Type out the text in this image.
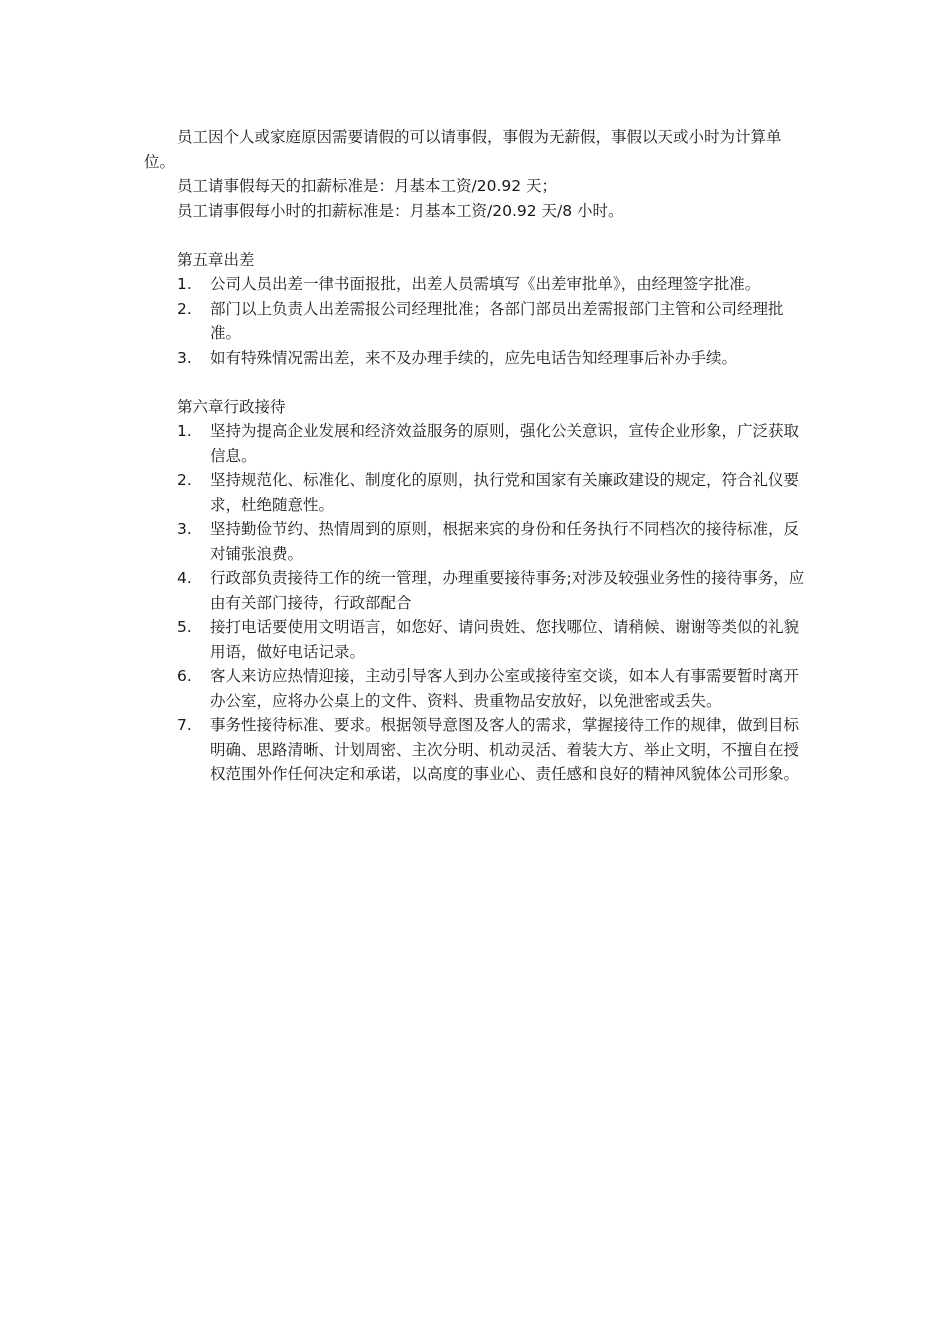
员工因个人或家庭原因需要请假的可以请事假，事假为无薪假，事假以天或小时为计算单位。

员工请事假每天的扣薪标准是：月基本工资/20.92 天；

员工请事假每小时的扣薪标准是：月基本工资/20.92 天/8 小时。

第五章出差

1. 公司人员出差一律书面报批，出差人员需填写《出差审批单》，由经理签字批准。
2. 部门以上负责人出差需报公司经理批准；各部门部员出差需报部门主管和公司经理批准。
3. 如有特殊情况需出差，来不及办理手续的，应先电话告知经理事后补办手续。

第六章行政接待

1. 坚持为提高企业发展和经济效益服务的原则，强化公关意识，宣传企业形象，广泛获取信息。
2. 坚持规范化、标准化、制度化的原则，执行党和国家有关廉政建设的规定，符合礼仪要求，杜绝随意性。
3. 坚持勤俭节约、热情周到的原则，根据来宾的身份和任务执行不同档次的接待标准，反对铺张浪费。
4. 行政部负责接待工作的统一管理，办理重要接待事务;对涉及较强业务性的接待事务，应由有关部门接待，行政部配合
5. 接打电话要使用文明语言，如您好、请问贵姓、您找哪位、请稍候、谢谢等类似的礼貌用语，做好电话记录。
6. 客人来访应热情迎接，主动引导客人到办公室或接待室交谈，如本人有事需要暂时离开办公室，应将办公桌上的文件、资料、贵重物品安放好，以免泄密或丢失。
7. 事务性接待标准、要求。根据领导意图及客人的需求，掌握接待工作的规律，做到目标明确、思路清晰、计划周密、主次分明、机动灵活、着装大方、举止文明，不擅自在授权范围外作任何决定和承诺，以高度的事业心、责任感和良好的精神风貌体公司形象。
